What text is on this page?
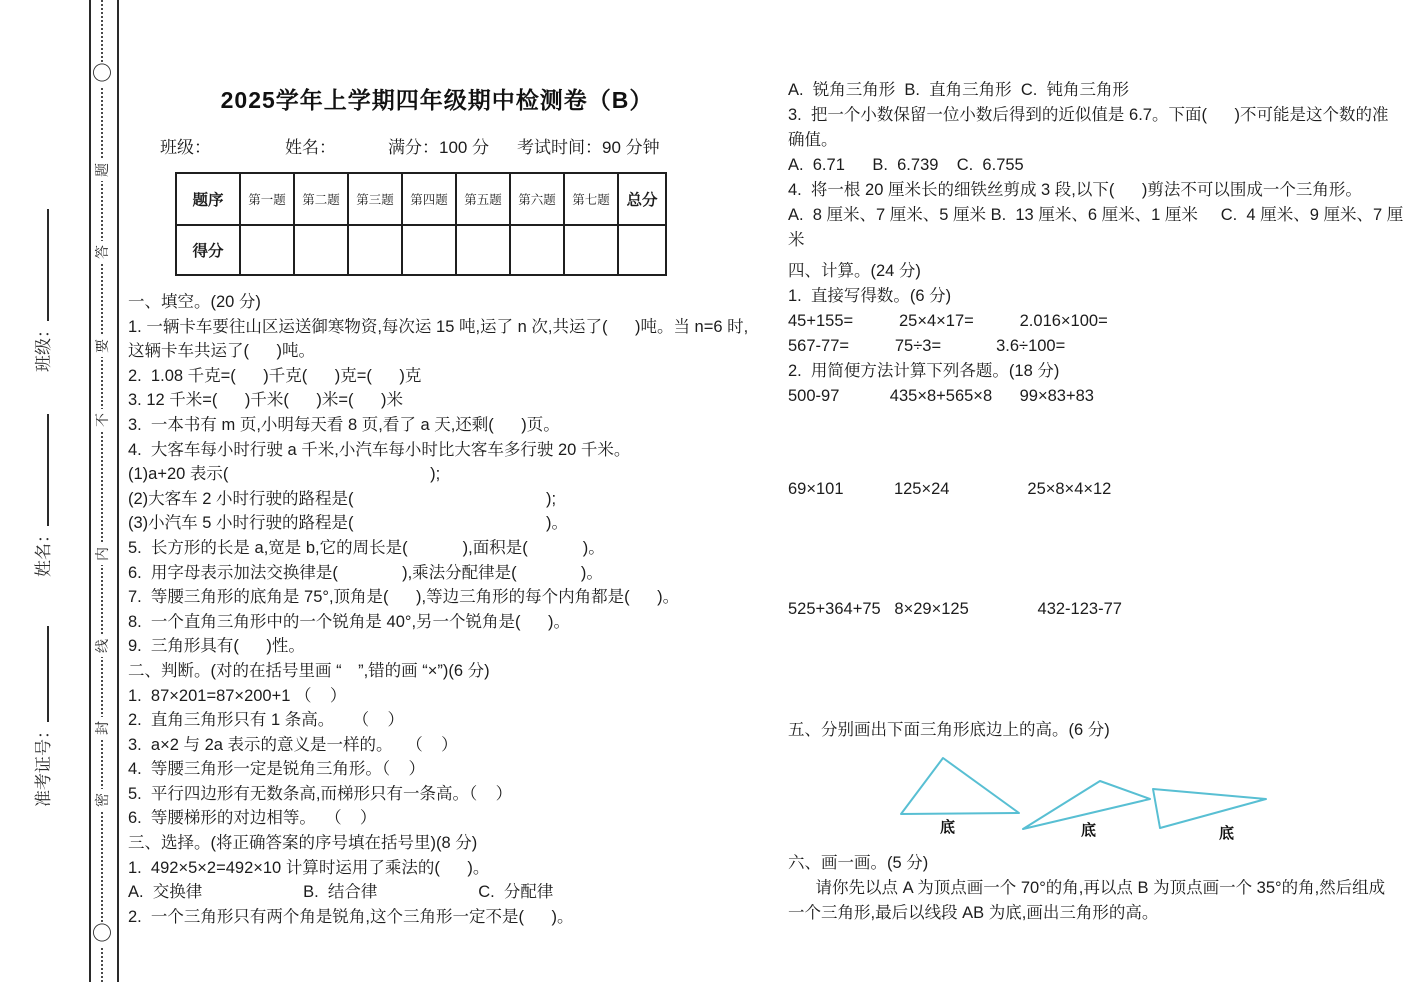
〇
题
答
要
不
内
线
封
密
〇
班级：
姓名：
准考证号：
2025学年上学期四年级期中检测卷（B）
班级：	姓名：	满分：100 分 考试时间：90 分钟
题序	第一题	第二题	第三题	第四题	第五题	第六题	第七题	总分
得分								
一、填空。(20 分)
1. 一辆卡车要往山区运送御寒物资,每次运 15 吨,运了 n 次,共运了(      )吨。当 n=6 时,
这辆卡车共运了(      )吨。
2.  1.08 千克=(      )千克(      )克=(      )克
3. 12 千米=(      )千米(      )米=(      )米
3.  一本书有 m 页,小明每天看 8 页,看了 a 天,还剩(      )页。
4.  大客车每小时行驶 a 千米,小汽车每小时比大客车多行驶 20 千米。
(1)a+20 表示(                                            );
(2)大客车 2 小时行驶的路程是(                                          );
(3)小汽车 5 小时行驶的路程是(                                          )。
5.  长方形的长是 a,宽是 b,它的周长是(            ),面积是(            )。
6.  用字母表示加法交换律是(              ),乘法分配律是(              )。
7.  等腰三角形的底角是 75°,顶角是(      ),等边三角形的每个内角都是(      )。
8.  一个直角三角形中的一个锐角是 40°,另一个锐角是(      )。
9.  三角形具有(      )性。
二、判断。(对的在括号里画 “　”,错的画 “×”)(6 分)
1.  87×201=87×200+1 （    ）
2.  直角三角形只有 1 条高。    （    ）
3.  a×2 与 2a 表示的意义是一样的。   （    ）
4.  等腰三角形一定是锐角三角形。（    ）
5.  平行四边形有无数条高,而梯形只有一条高。（    ）
6.  等腰梯形的对边相等。  （    ）
三、选择。(将正确答案的序号填在括号里)(8 分)
1.  492×5×2=492×10 计算时运用了乘法的(      )。
A.  交换律                      B.  结合律                      C.  分配律
2.  一个三角形只有两个角是锐角,这个三角形一定不是(      )。
A.  锐角三角形  B.  直角三角形  C.  钝角三角形
3.  把一个小数保留一位小数后得到的近似值是 6.7。下面(      )不可能是这个数的准
确值。
A.  6.71      B.  6.739    C.  6.755
4.  将一根 20 厘米长的细铁丝剪成 3 段,以下(      )剪法不可以围成一个三角形。
A.  8 厘米、7 厘米、5 厘米 B.  13 厘米、6 厘米、1 厘米     C.  4 厘米、9 厘米、7 厘
米
四、计算。(24 分)
1.  直接写得数。(6 分)
45+155=          25×4×17=          2.016×100=
567-77=          75÷3=            3.6÷100=
2.  用简便方法计算下列各题。(18 分)
500-97           435×8+565×8      99×83+83
69×101           125×24                 25×8×4×12
525+364+75   8×29×125               432-123-77
五、分别画出下面三角形底边上的高。(6 分)
底	底	底
六、画一画。(5 分)
请你先以点 A 为顶点画一个 70°的角,再以点 B 为顶点画一个 35°的角,然后组成
一个三角形,最后以线段 AB 为底,画出三角形的高。
